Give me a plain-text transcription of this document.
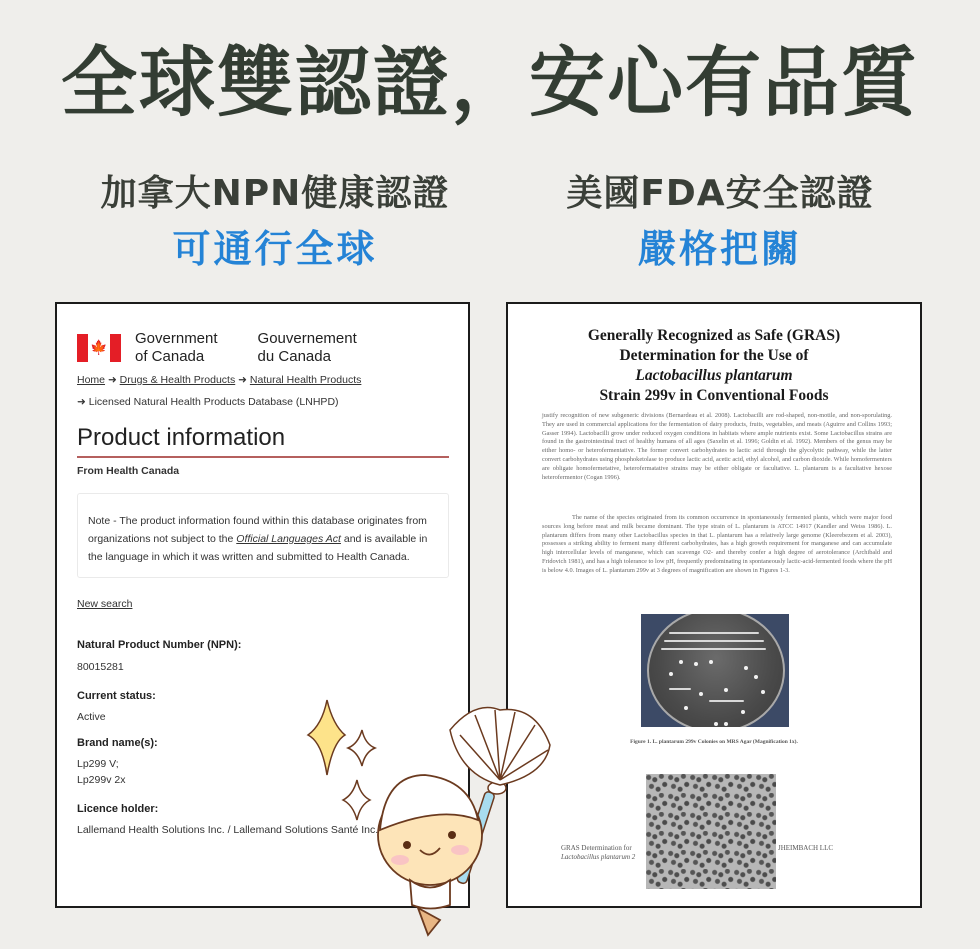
全球雙認證，安心有品質
加拿大NPN健康認證
可通行全球
美國FDA安全認證
嚴格把關
🍁
Government
of Canada
Gouvernement
du Canada
Home ➜ Drugs & Health Products ➜ Natural Health Products
➜ Licensed Natural Health Products Database (LNHPD)
Product information
From Health Canada
Note - The product information found within this database originates from organizations not subject to the Official Languages Act and is available in the language in which it was written and submitted to Health Canada.
New search
Natural Product Number (NPN):
80015281
Current status:
Active
Brand name(s):
Lp299 V;
Lp299v 2x
Licence holder:
Lallemand Health Solutions Inc. / Lallemand Solutions Santé Inc.
Generally Recognized as Safe (GRAS)
Determination for the Use of
Lactobacillus plantarum
Strain 299v in Conventional Foods
justify recognition of new subgeneric divisions (Bernardeau et al. 2008). Lactobacilli are rod-shaped, non-motile, and non-sporulating. They are used in commercial applications for the fermentation of dairy products, fruits, vegetables, and meats (Aguirre and Collins 1993; Gasser 1994). Lactobacilli grow under reduced oxygen conditions in habitats where ample nutrients exist. Some Lactobacillus strains are found in the gastrointestinal tract of healthy humans of all ages (Saxelin et al. 1996; Goldin et al. 1992). Members of the genus may be either homo- or heterofermentative. The former convert carbohydrates to lactic acid through the glycolytic pathway, while the latter convert carbohydrates using phosphoketolase to produce lactic acid, acetic acid, ethyl alcohol, and carbon dioxide. While homofermenters are obligate homofermetative, heterofermatative strains may be either obligate or facultative. L. plantarum is a facultative hexose heterofermentor (Cogan 1996).
The name of the species originated from its common occurrence in spontaneously fermented plants, which were major food sources long before meat and milk became dominant. The type strain of L. plantarum is ATCC 14917 (Kandler and Weiss 1986). L. plantarum differs from many other Lactobacillus species in that L. plantarum has a relatively large genome (Kleerebezem et al. 2003), possesses a striking ability to ferment many different carbohydrates, has a high growth requirement for manganese and can accumulate high intercellular levels of manganese, which can scavenge O2- and thereby confer a high degree of aerotolerance (Archibald and Fridovich 1981), and has a high tolerance to low pH, frequently predominating in spontaneously lactic-acid-fermented foods where the pH is below 4.0. Images of L. plantarum 299v at 3 degrees of magnification are shown in Figures 1-3.
Figure 1. L. plantarum 299v Colonies on MRS Agar (Magnification 1x).
GRAS Determination for
Lactobacillus plantarum 2
JHEIMBACH LLC
